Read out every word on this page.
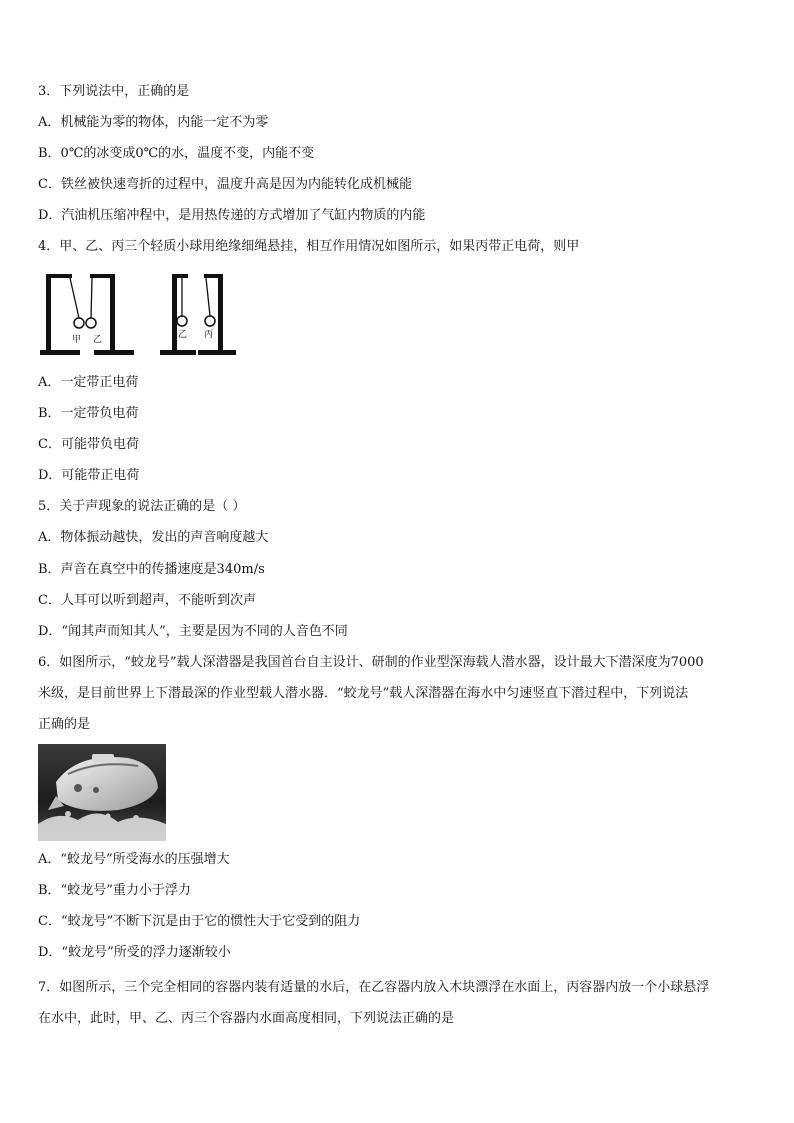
3．下列说法中，正确的是
A．机械能为零的物体，内能一定不为零
B．0℃的冰变成0℃的水，温度不变，内能不变
C．铁丝被快速弯折的过程中，温度升高是因为内能转化成机械能
D．汽油机压缩冲程中，是用热传递的方式增加了气缸内物质的内能
4．甲、乙、丙三个轻质小球用绝缘细绳悬挂，相互作用情况如图所示，如果丙带正电荷，则甲
甲 乙	乙 丙
A．一定带正电荷
B．一定带负电荷
C．可能带负电荷
D．可能带正电荷
5．关于声现象的说法正确的是（ ）
A．物体振动越快，发出的声音响度越大
B．声音在真空中的传播速度是340m/s
C．人耳可以听到超声，不能听到次声
D．“闻其声而知其人”，主要是因为不同的人音色不同
6．如图所示，“蛟龙号”载人深潜器是我国首台自主设计、研制的作业型深海载人潜水器，设计最大下潜深度为7000
米级，是目前世界上下潜最深的作业型载人潜水器．“蛟龙号”载人深潜器在海水中匀速竖直下潜过程中，下列说法
正确的是
A．“蛟龙号”所受海水的压强增大
B．“蛟龙号”重力小于浮力
C．“蛟龙号”不断下沉是由于它的惯性大于它受到的阻力
D．“蛟龙号”所受的浮力逐渐较小
7．如图所示，三个完全相同的容器内装有适量的水后，在乙容器内放入木块漂浮在水面上，丙容器内放一个小球悬浮
在水中，此时，甲、乙、丙三个容器内水面高度相同，下列说法正确的是
